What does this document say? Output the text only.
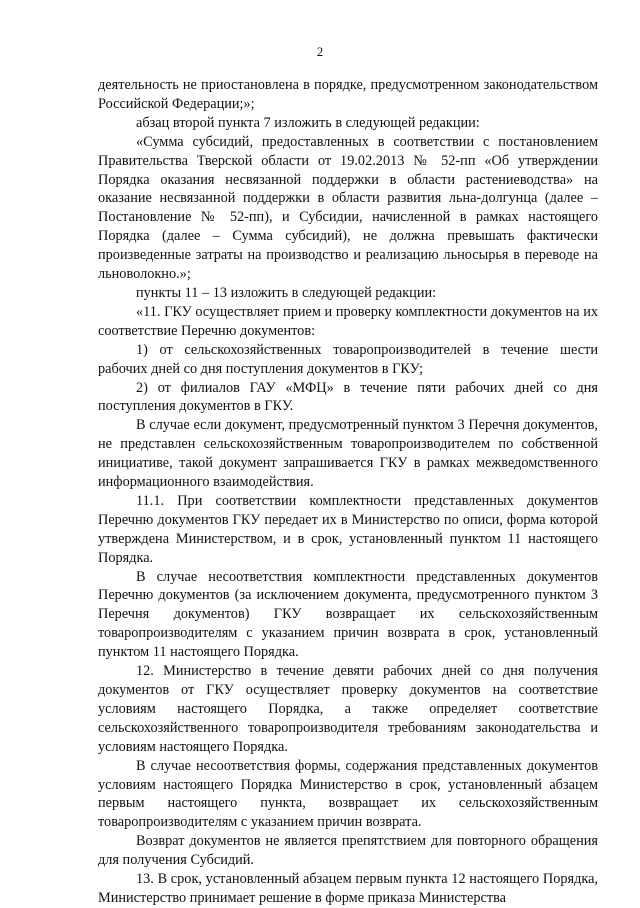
2

деятельность не приостановлена в порядке, предусмотренном законодательством Российской Федерации;»;

абзац второй пункта 7 изложить в следующей редакции:

«Сумма субсидий, предоставленных в соответствии с постановлением Правительства Тверской области от 19.02.2013 № 52-пп «Об утверждении Порядка оказания несвязанной поддержки в области растениеводства» на оказание несвязанной поддержки в области развития льна-долгунца (далее – Постановление № 52-пп), и Субсидии, начисленной в рамках настоящего Порядка (далее – Сумма субсидий), не должна превышать фактически произведенные затраты на производство и реализацию льносырья в переводе на льноволокно.»;

пункты 11 – 13 изложить в следующей редакции:

«11. ГКУ осуществляет прием и проверку комплектности документов на их соответствие Перечню документов:

1) от сельскохозяйственных товаропроизводителей в течение шести рабочих дней со дня поступления документов в ГКУ;

2) от филиалов ГАУ «МФЦ» в течение пяти рабочих дней со дня поступления документов в ГКУ.

В случае если документ, предусмотренный пунктом 3 Перечня документов, не представлен сельскохозяйственным товаропроизводителем по собственной инициативе, такой документ запрашивается ГКУ в рамках межведомственного информационного взаимодействия.

11.1. При соответствии комплектности представленных документов Перечню документов ГКУ передает их в Министерство по описи, форма которой утверждена Министерством, и в срок, установленный пунктом 11 настоящего Порядка.

В случае несоответствия комплектности представленных документов Перечню документов (за исключением документа, предусмотренного пунктом 3 Перечня документов) ГКУ возвращает их сельскохозяйственным товаропроизводителям с указанием причин возврата в срок, установленный пунктом 11 настоящего Порядка.

12. Министерство в течение девяти рабочих дней со дня получения документов от ГКУ осуществляет проверку документов на соответствие условиям настоящего Порядка, а также определяет соответствие сельскохозяйственного товаропроизводителя требованиям законодательства и условиям настоящего Порядка.

В случае несоответствия формы, содержания представленных документов условиям настоящего Порядка Министерство в срок, установленный абзацем первым настоящего пункта, возвращает их сельскохозяйственным товаропроизводителям с указанием причин возврата.

Возврат документов не является препятствием для повторного обращения для получения Субсидий.

13. В срок, установленный абзацем первым пункта 12 настоящего Порядка, Министерство принимает решение в форме приказа Министерства
